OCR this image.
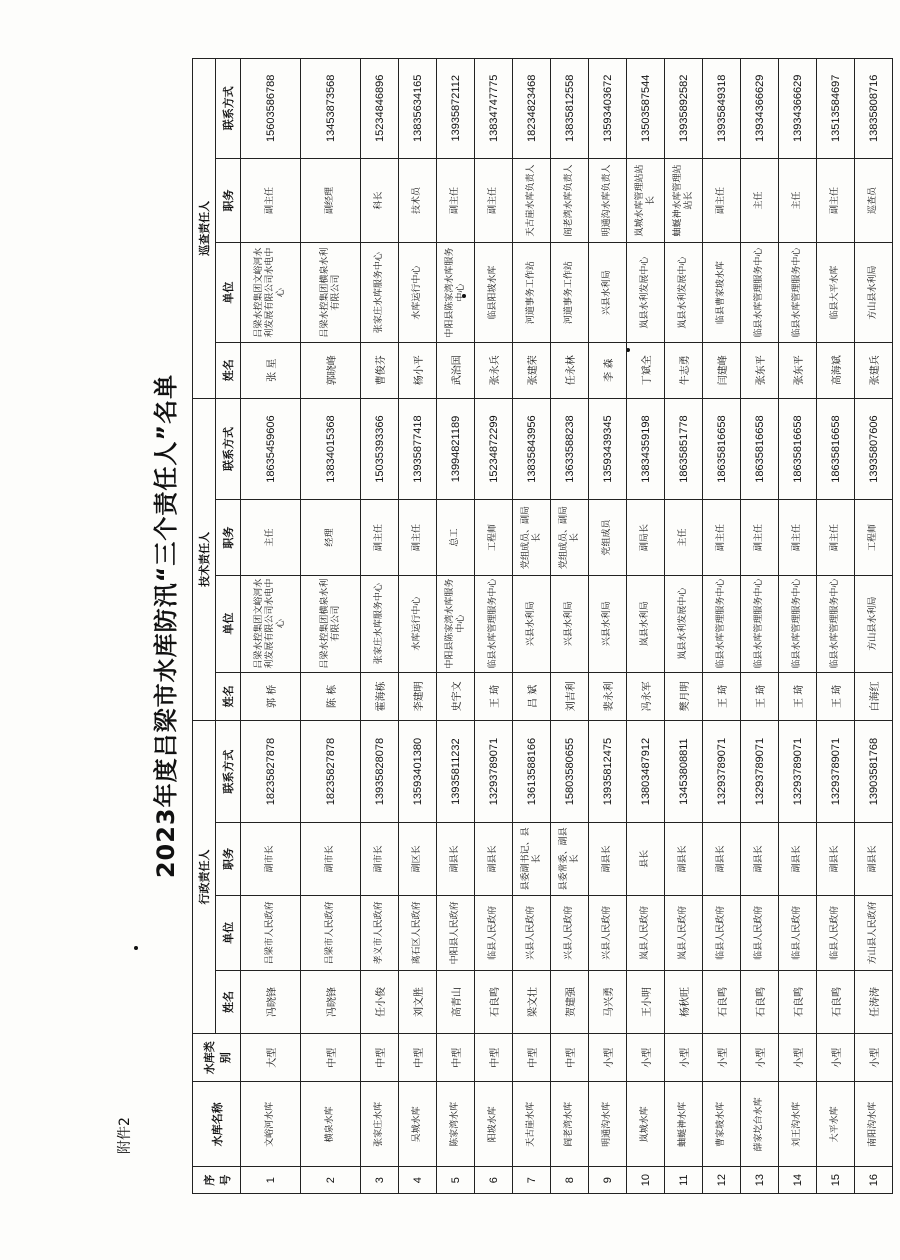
附件2
2023年度吕梁市水库防汛“三个责任人”名单
序号	水库名称	水库类别	行政责任人				技术责任人				巡查责任人			
			姓名	单位	职务	联系方式	姓名	单位	职务	联系方式	姓名	单位	职务	联系方式
1	文峪河水库	大型	冯晓锋	吕梁市人民政府	副市长	18235827878	郭 桥	吕梁水控集团文峪河水利发展有限公司水电中心	主任	18635459606	张 星	吕梁水控集团文峪河水利发展有限公司水电中心	副主任	15603586788
2	横泉水库	中型	冯晓锋	吕梁市人民政府	副市长	18235827878	陈 栋	吕梁水控集团横泉水利有限公司	经理	13834015368	郭晓峰	吕梁水控集团横泉水利有限公司	副经理	13453873568
3	张家庄水库	中型	任小俊	孝义市人民政府	副市长	13935828078	霍海栋	张家庄水库服务中心	副主任	15035393366	曹俊芬	张家庄水库服务中心	科长	15234846896
4	吴城水库	中型	刘文胜	离石区人民政府	副区长	13593401380	李建明	水库运行中心	副主任	13935877418	杨小平	水库运行中心	技术员	13835634165
5	陈家湾水库	中型	高青山	中阳县人民政府	副县长	13935811232	史宇文	中阳县陈家湾水库服务中心	总工	13994821189	武治国	中阳县陈家湾水库服务中心	副主任	13935872112
6	阳坡水库	中型	石良鸣	临县人民政府	副县长	13293789071	王 琦	临县水库管理服务中心	工程师	15234872299	张永兵	临县阳坡水库	副主任	13834747775
7	天古崖水库	中型	梁文壮	兴县人民政府	县委副书记、县长	13613588166	吕 斌	兴县水利局	党组成员、副局长	13835843956	张建荣	河道事务工作站	天古崖水库负责人	18234823468
8	阎老湾水库	中型	贺建强	兴县人民政府	县委常委、副县长	15803580655	刘吉利	兴县水利局	党组成员、副局长	13633588238	任永林	河道事务工作站	阎老湾水库负责人	13835812558
9	明通沟水库	小型	马兴勇	兴县人民政府	副县长	13935812475	裴永利	兴县水利局	党组成员	13593439345	李 森	兴县水利局	明通沟水库负责人	13593403672
10	岚城水库	小型	王小明	岚县人民政府	县长	13803487912	冯永军	岚县水利局	副局长	13834359198	丁斌全	岚县水利发展中心	岚城水库管理站站长	13503587544
11	蚰蜒神水库	小型	杨秋旺	岚县人民政府	副县长	13453808811	樊月明	岚县水利发展中心	主任	18635851778	牛志勇	岚县水利发展中心	蚰蜒神水库管理站站长	13935892582
12	曹家坡水库	小型	石良鸣	临县人民政府	副县长	13293789071	王 琦	临县水库管理服务中心	副主任	18635816658	闫建峰	临县曹家坡水库	副主任	13935849318
13	薛家圪台水库	小型	石良鸣	临县人民政府	副县长	13293789071	王 琦	临县水库管理服务中心	副主任	18635816658	张东平	临县水库管理服务中心	主任	13934366629
14	刘王沟水库	小型	石良鸣	临县人民政府	副县长	13293789071	王 琦	临县水库管理服务中心	副主任	18635816658	张东平	临县水库管理服务中心	主任	13934366629
15	大平水库	小型	石良鸣	临县人民政府	副县长	13293789071	王 琦	临县水库管理服务中心	副主任	18635816658	高海斌	临县大平水库	副主任	13513584697
16	南阳沟水库	小型	任涛涛	方山县人民政府	副县长	13903581768	白海红	方山县水利局	工程师	13935807606	张建兵	方山县水利局	巡查员	13835808716
